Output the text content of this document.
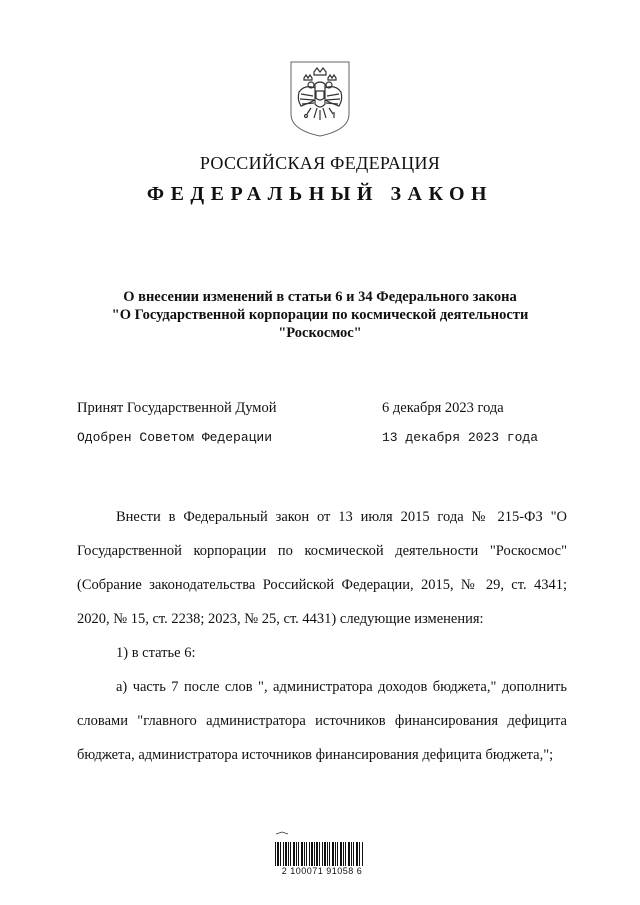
РОССИЙСКАЯ ФЕДЕРАЦИЯ
ФЕДЕРАЛЬНЫЙ ЗАКОН
О внесении изменений в статьи 6 и 34 Федерального закона
"О Государственной корпорации по космической деятельности
"Роскосмос"
Принят Государственной Думой	6 декабря 2023 года
Одобрен Советом Федерации	13 декабря 2023 года

Внести в Федеральный закон от 13 июля 2015 года № 215-ФЗ "О Государственной корпорации по космической деятельности "Роскосмос" (Собрание законодательства Российской Федерации, 2015, № 29, ст. 4341; 2020, № 15, ст. 2238; 2023, № 25, ст. 4431) следующие изменения:

1) в статье 6:

а) часть 7 после слов ", администратора доходов бюджета," дополнить словами "главного администратора источников финансирования дефицита бюджета, администратора источников финансирования дефицита бюджета,";

2 100071 91058 6
